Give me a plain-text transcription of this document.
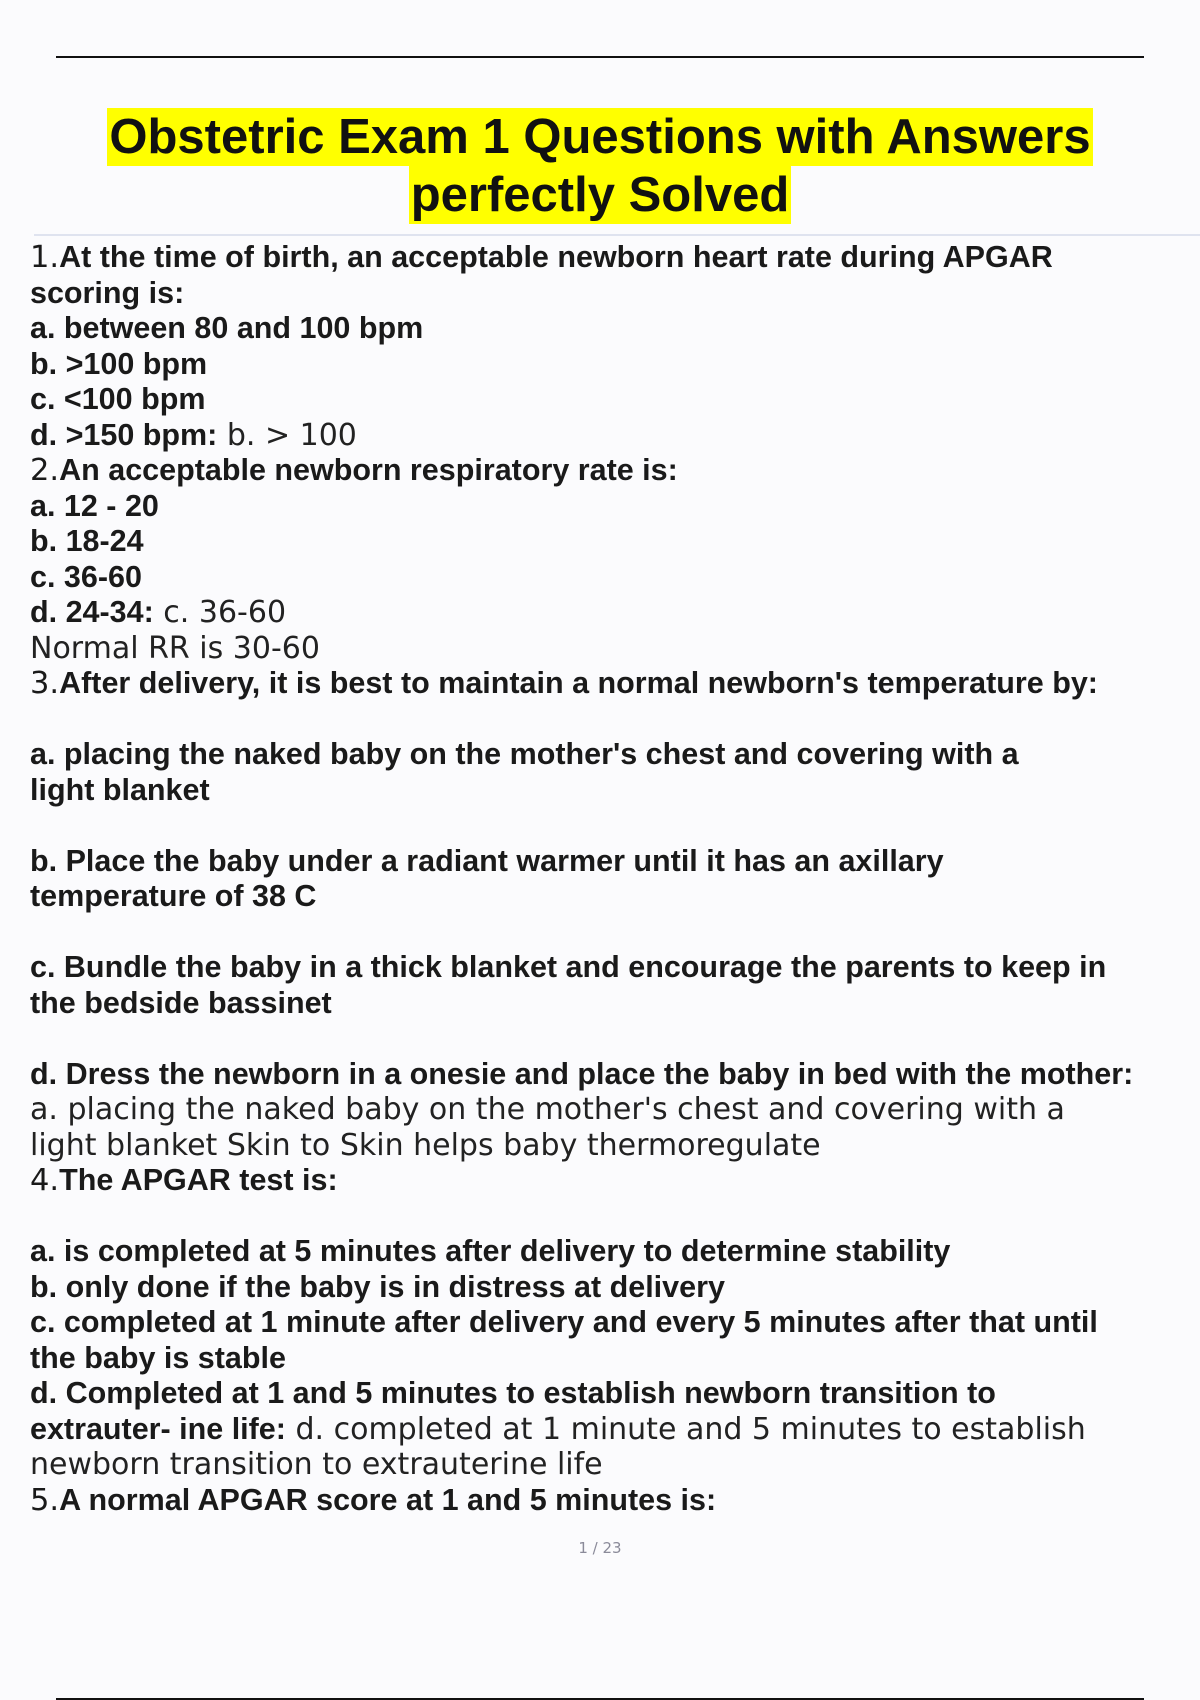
Obstetric Exam 1 Questions with Answers
perfectly Solved
1.At the time of birth, an acceptable newborn heart rate during APGAR
scoring is:
a. between 80 and 100 bpm
b. >100 bpm
c. <100 bpm
d. >150 bpm: b. > 100
2.An acceptable newborn respiratory rate is:
a. 12 - 20
b. 18-24
c. 36-60
d. 24-34: c. 36-60
Normal RR is 30-60
3.After delivery, it is best to maintain a normal newborn's temperature by:
a. placing the naked baby on the mother's chest and covering with a
light blanket
b. Place the baby under a radiant warmer until it has an axillary
temperature of 38 C
c. Bundle the baby in a thick blanket and encourage the parents to keep in
the bedside bassinet
d. Dress the newborn in a onesie and place the baby in bed with the mother:
a. placing the naked baby on the mother's chest and covering with a
light blanket Skin to Skin helps baby thermoregulate
4.The APGAR test is:
a. is completed at 5 minutes after delivery to determine stability
b. only done if the baby is in distress at delivery
c. completed at 1 minute after delivery and every 5 minutes after that until
the baby is stable
d. Completed at 1 and 5 minutes to establish newborn transition to
extrauter- ine life: d. completed at 1 minute and 5 minutes to establish
newborn transition to extrauterine life
5.A normal APGAR score at 1 and 5 minutes is:
1 / 23
